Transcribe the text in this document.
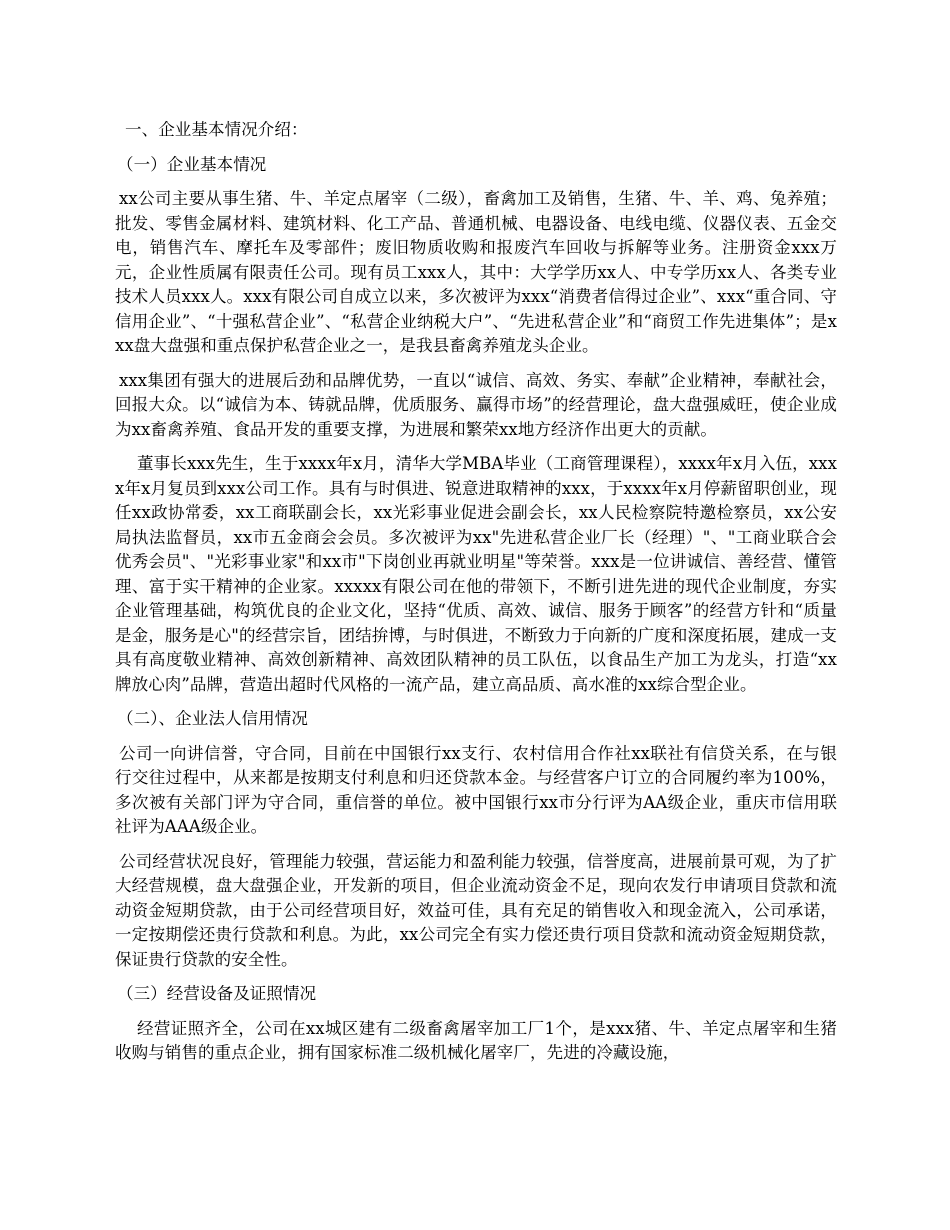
一、企业基本情况介绍：

（一）企业基本情况

xx公司主要从事生猪、牛、羊定点屠宰（二级），畜禽加工及销售，生猪、牛、羊、鸡、兔养殖；批发、零售金属材料、建筑材料、化工产品、普通机械、电器设备、电线电缆、仪器仪表、五金交电，销售汽车、摩托车及零部件；废旧物质收购和报废汽车回收与拆解等业务。注册资金xxx万元，企业性质属有限责任公司。现有员工xxx人，其中：大学学历xx人、中专学历xx人、各类专业技术人员xxx人。xxx有限公司自成立以来，多次被评为xxx“消费者信得过企业”、xxx“重合同、守信用企业”、“十强私营企业”、“私营企业纳税大户”、“先进私营企业”和“商贸工作先进集体”；是xxx盘大盘强和重点保护私营企业之一，是我县畜禽养殖龙头企业。

xxx集团有强大的进展后劲和品牌优势，一直以“诚信、高效、务实、奉献”企业精神，奉献社会，回报大众。以“诚信为本、铸就品牌，优质服务、赢得市场”的经营理论，盘大盘强威旺，使企业成为xx畜禽养殖、食品开发的重要支撑，为进展和繁荣xx地方经济作出更大的贡献。

董事长xxx先生，生于xxxx年x月，清华大学MBA毕业（工商管理课程），xxxx年x月入伍，xxxx年x月复员到xxx公司工作。具有与时俱进、锐意进取精神的xxx，于xxxx年x月停薪留职创业，现任xx政协常委，xx工商联副会长，xx光彩事业促进会副会长，xx人民检察院特邀检察员，xx公安局执法监督员，xx市五金商会会员。多次被评为xx"先进私营企业厂长（经理）"、"工商业联合会优秀会员"、"光彩事业家"和xx市"下岗创业再就业明星"等荣誉。xxx是一位讲诚信、善经营、懂管理、富于实干精神的企业家。xxxxx有限公司在他的带领下，不断引进先进的现代企业制度，夯实企业管理基础，构筑优良的企业文化，坚持“优质、高效、诚信、服务于顾客”的经营方针和“质量是金，服务是心"的经营宗旨，团结拚博，与时俱进，不断致力于向新的广度和深度拓展，建成一支具有高度敬业精神、高效创新精神、高效团队精神的员工队伍，以食品生产加工为龙头，打造“xx牌放心肉”品牌，营造出超时代风格的一流产品，建立高品质、高水准的xx综合型企业。

（二）、企业法人信用情况

公司一向讲信誉，守合同，目前在中国银行xx支行、农村信用合作社xx联社有信贷关系，在与银行交往过程中，从来都是按期支付利息和归还贷款本金。与经营客户订立的合同履约率为100%，多次被有关部门评为守合同，重信誉的单位。被中国银行xx市分行评为AA级企业，重庆市信用联社评为AAA级企业。

公司经营状况良好，管理能力较强，营运能力和盈利能力较强，信誉度高，进展前景可观，为了扩大经营规模，盘大盘强企业，开发新的项目，但企业流动资金不足，现向农发行申请项目贷款和流动资金短期贷款，由于公司经营项目好，效益可佳，具有充足的销售收入和现金流入，公司承诺，一定按期偿还贵行贷款和利息。为此，xx公司完全有实力偿还贵行项目贷款和流动资金短期贷款，保证贵行贷款的安全性。

（三）经营设备及证照情况

经营证照齐全，公司在xx城区建有二级畜禽屠宰加工厂1个，是xxx猪、牛、羊定点屠宰和生猪收购与销售的重点企业，拥有国家标准二级机械化屠宰厂，先进的冷藏设施，
